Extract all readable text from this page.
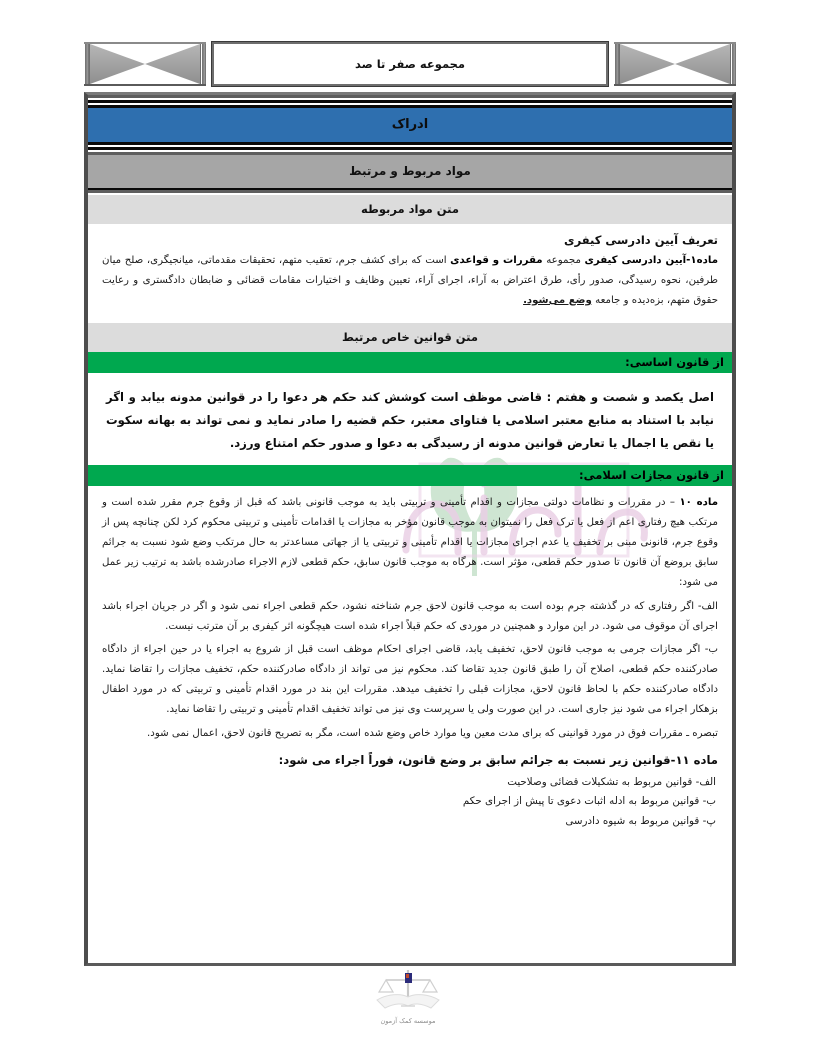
مجموعه صفر تا صد
ادراک
مواد مربوط و مرتبط
متن مواد مربوطه
تعریف آیین دادرسی کیفری

ماده۱-آیین دادرسی کیفری مجموعه مقررات و قواعدی است که برای کشف جرم، تعقیب متهم، تحقیقات مقدماتی، میانجیگری، صلح میان طرفین، نحوه رسیدگی، صدور رأی، طرق اعتراض به آراء، اجرای آراء، تعیین وظایف و اختیارات مقامات قضائی و ضابطان دادگستری و رعایت حقوق متهم، بزه‌دیده و جامعه وضع می‌شود.

متن قوانین خاص مرتبط
از قانون اساسی:

اصل یکصد و شصت و هفتم : قاضی موظف است کوشش کند حکم هر دعوا را در قوانین مدونه بیابد و اگر نیابد با استناد به منابع معتبر اسلامی یا فتاوای معتبر، حکم قضیه را صادر نماید و نمی تواند به بهانه سکوت یا نقص یا اجمال یا تعارض قوانین مدونه از رسیدگی به دعوا و صدور حکم امتناع ورزد.

از قانون مجازات اسلامی:

ماده ۱۰ – در مقررات و نظامات دولتی مجازات و اقدام تأمینی و تربیتی باید به موجب قانونی باشد که قبل از وقوع جرم مقرر شده است و مرتکب هیچ رفتاری اعم از فعل یا ترک فعل را نمیتوان به موجب قانون مؤخر به مجازات یا اقدامات تأمینی و تربیتی محکوم کرد لکن چنانچه پس از وقوع جرم، قانونی مبنی بر تخفیف یا عدم اجرای مجازات یا اقدام تأمینی و تربیتی یا از جهاتی مساعدتر به حال مرتکب وضع شود نسبت به جرائم سابق بروضع آن قانون تا صدور حکم قطعی، مؤثر است. هرگاه به موجب قانون سابق، حکم قطعی لازم الاجراء صادرشده باشد به ترتیب زیر عمل می شود:

الف- اگر رفتاری که در گذشته جرم بوده است به موجب قانون لاحق جرم شناخته نشود، حکم قطعی اجراء نمی شود و اگر در جریان اجراء باشد اجرای آن موقوف می شود. در این موارد و همچنین در موردی که حکم قبلاً اجراء شده است هیچگونه اثر کیفری بر آن مترتب نیست.

ب- اگر مجازات جرمی به موجب قانون لاحق، تخفیف یابد، قاضی اجرای احکام موظف است قبل از شروع به اجراء یا در حین اجراء از دادگاه صادرکننده حکم قطعی، اصلاح آن را طبق قانون جدید تقاضا کند. محکوم نیز می تواند از دادگاه صادرکننده حکم، تخفیف مجازات را تقاضا نماید. دادگاه صادرکننده حکم با لحاظ قانون لاحق، مجازات قبلی را تخفیف میدهد. مقررات این بند در مورد اقدام تأمینی و تربیتی که در مورد اطفال بزهکار اجراء می شود نیز جاری است. در این صورت ولی یا سرپرست وی نیز می تواند تخفیف اقدام تأمینی و تربیتی را تقاضا نماید.

تبصره ـ مقررات فوق در مورد قوانینی که برای مدت معین ویا موارد خاص وضع شده است، مگر به تصریح قانون لاحق، اعمال نمی شود.

ماده ۱۱-قوانین زیر نسبت به جرائم سابق بر وضع قانون، فوراً اجراء می شود:

الف- قوانین مربوط به تشکیلات قضائی وصلاحیت

ب- قوانین مربوط به ادله اثبات دعوی تا پیش از اجرای حکم

پ- قوانین مربوط به شیوه دادرسی

موسسه کمک آزمون
